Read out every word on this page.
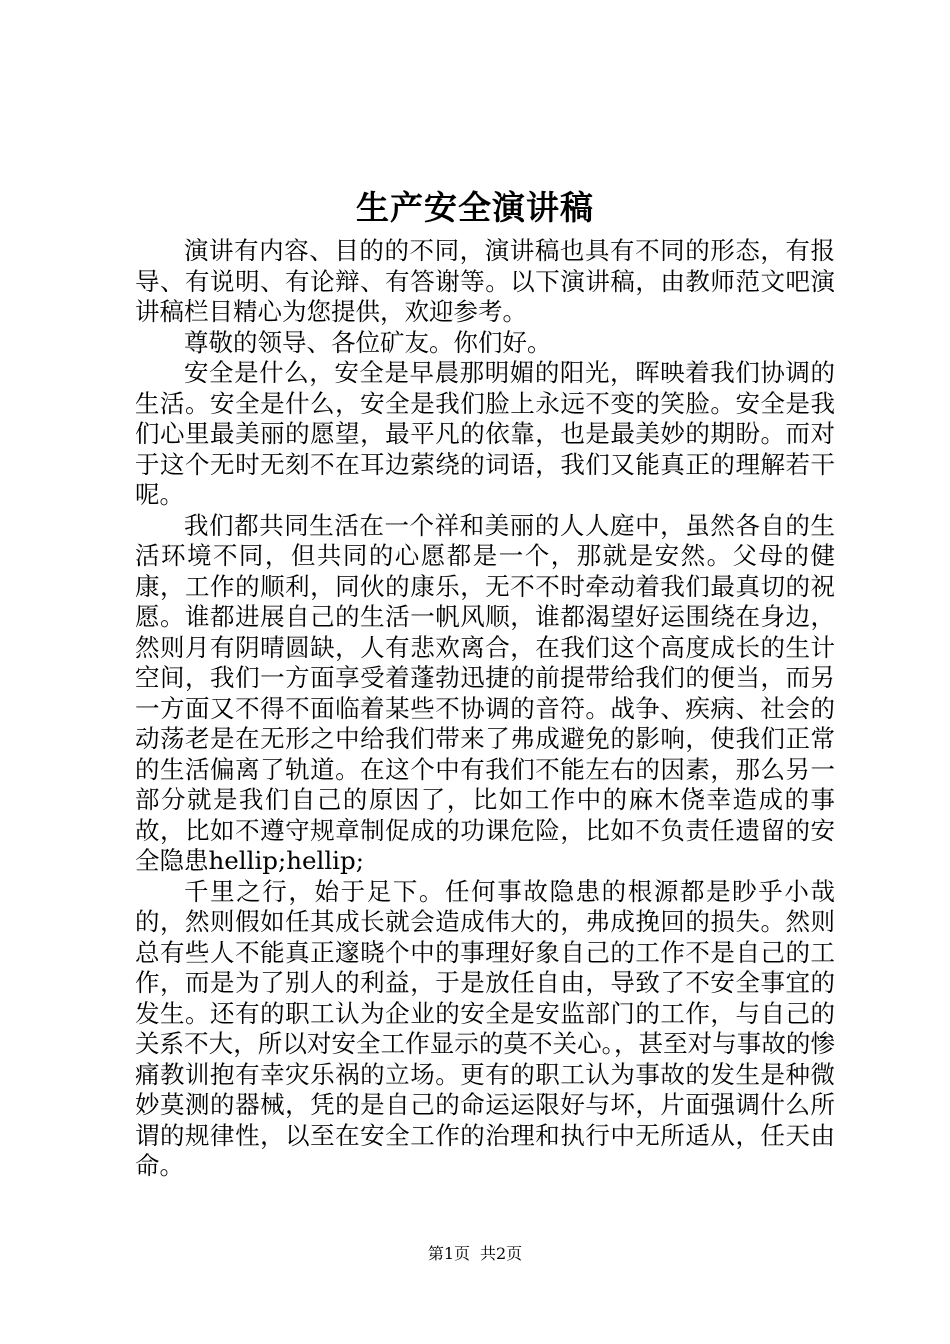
生产安全演讲稿

演讲有内容、目的的不同，演讲稿也具有不同的形态，有报导、有说明、有论辩、有答谢等。以下演讲稿，由教师范文吧演讲稿栏目精心为您提供，欢迎参考。

尊敬的领导、各位矿友。你们好。

安全是什么，安全是早晨那明媚的阳光，晖映着我们协调的生活。安全是什么，安全是我们脸上永远不变的笑脸。安全是我们心里最美丽的愿望，最平凡的依靠，也是最美妙的期盼。而对于这个无时无刻不在耳边萦绕的词语，我们又能真正的理解若干呢。

我们都共同生活在一个祥和美丽的人人庭中，虽然各自的生活环境不同，但共同的心愿都是一个，那就是安然。父母的健康，工作的顺利，同伙的康乐，无不不时牵动着我们最真切的祝愿。谁都进展自己的生活一帆风顺，谁都渴望好运围绕在身边，然则月有阴晴圆缺，人有悲欢离合，在我们这个高度成长的生计空间，我们一方面享受着蓬勃迅捷的前提带给我们的便当，而另一方面又不得不面临着某些不协调的音符。战争、疾病、社会的动荡老是在无形之中给我们带来了弗成避免的影响，使我们正常的生活偏离了轨道。在这个中有我们不能左右的因素，那么另一部分就是我们自己的原因了，比如工作中的麻木侥幸造成的事故，比如不遵守规章制促成的功课危险，比如不负责任遗留的安全隐患hellip;hellip;

千里之行，始于足下。任何事故隐患的根源都是眇乎小哉的，然则假如任其成长就会造成伟大的，弗成挽回的损失。然则总有些人不能真正邃晓个中的事理好象自己的工作不是自己的工作，而是为了别人的利益，于是放任自由，导致了不安全事宜的发生。还有的职工认为企业的安全是安监部门的工作，与自己的关系不大，所以对安全工作显示的莫不关心。，甚至对与事故的惨痛教训抱有幸灾乐祸的立场。更有的职工认为事故的发生是种微妙莫测的器械，凭的是自己的命运运限好与坏，片面强调什么所谓的规律性，以至在安全工作的治理和执行中无所适从，任天由命。

第1页 共2页
